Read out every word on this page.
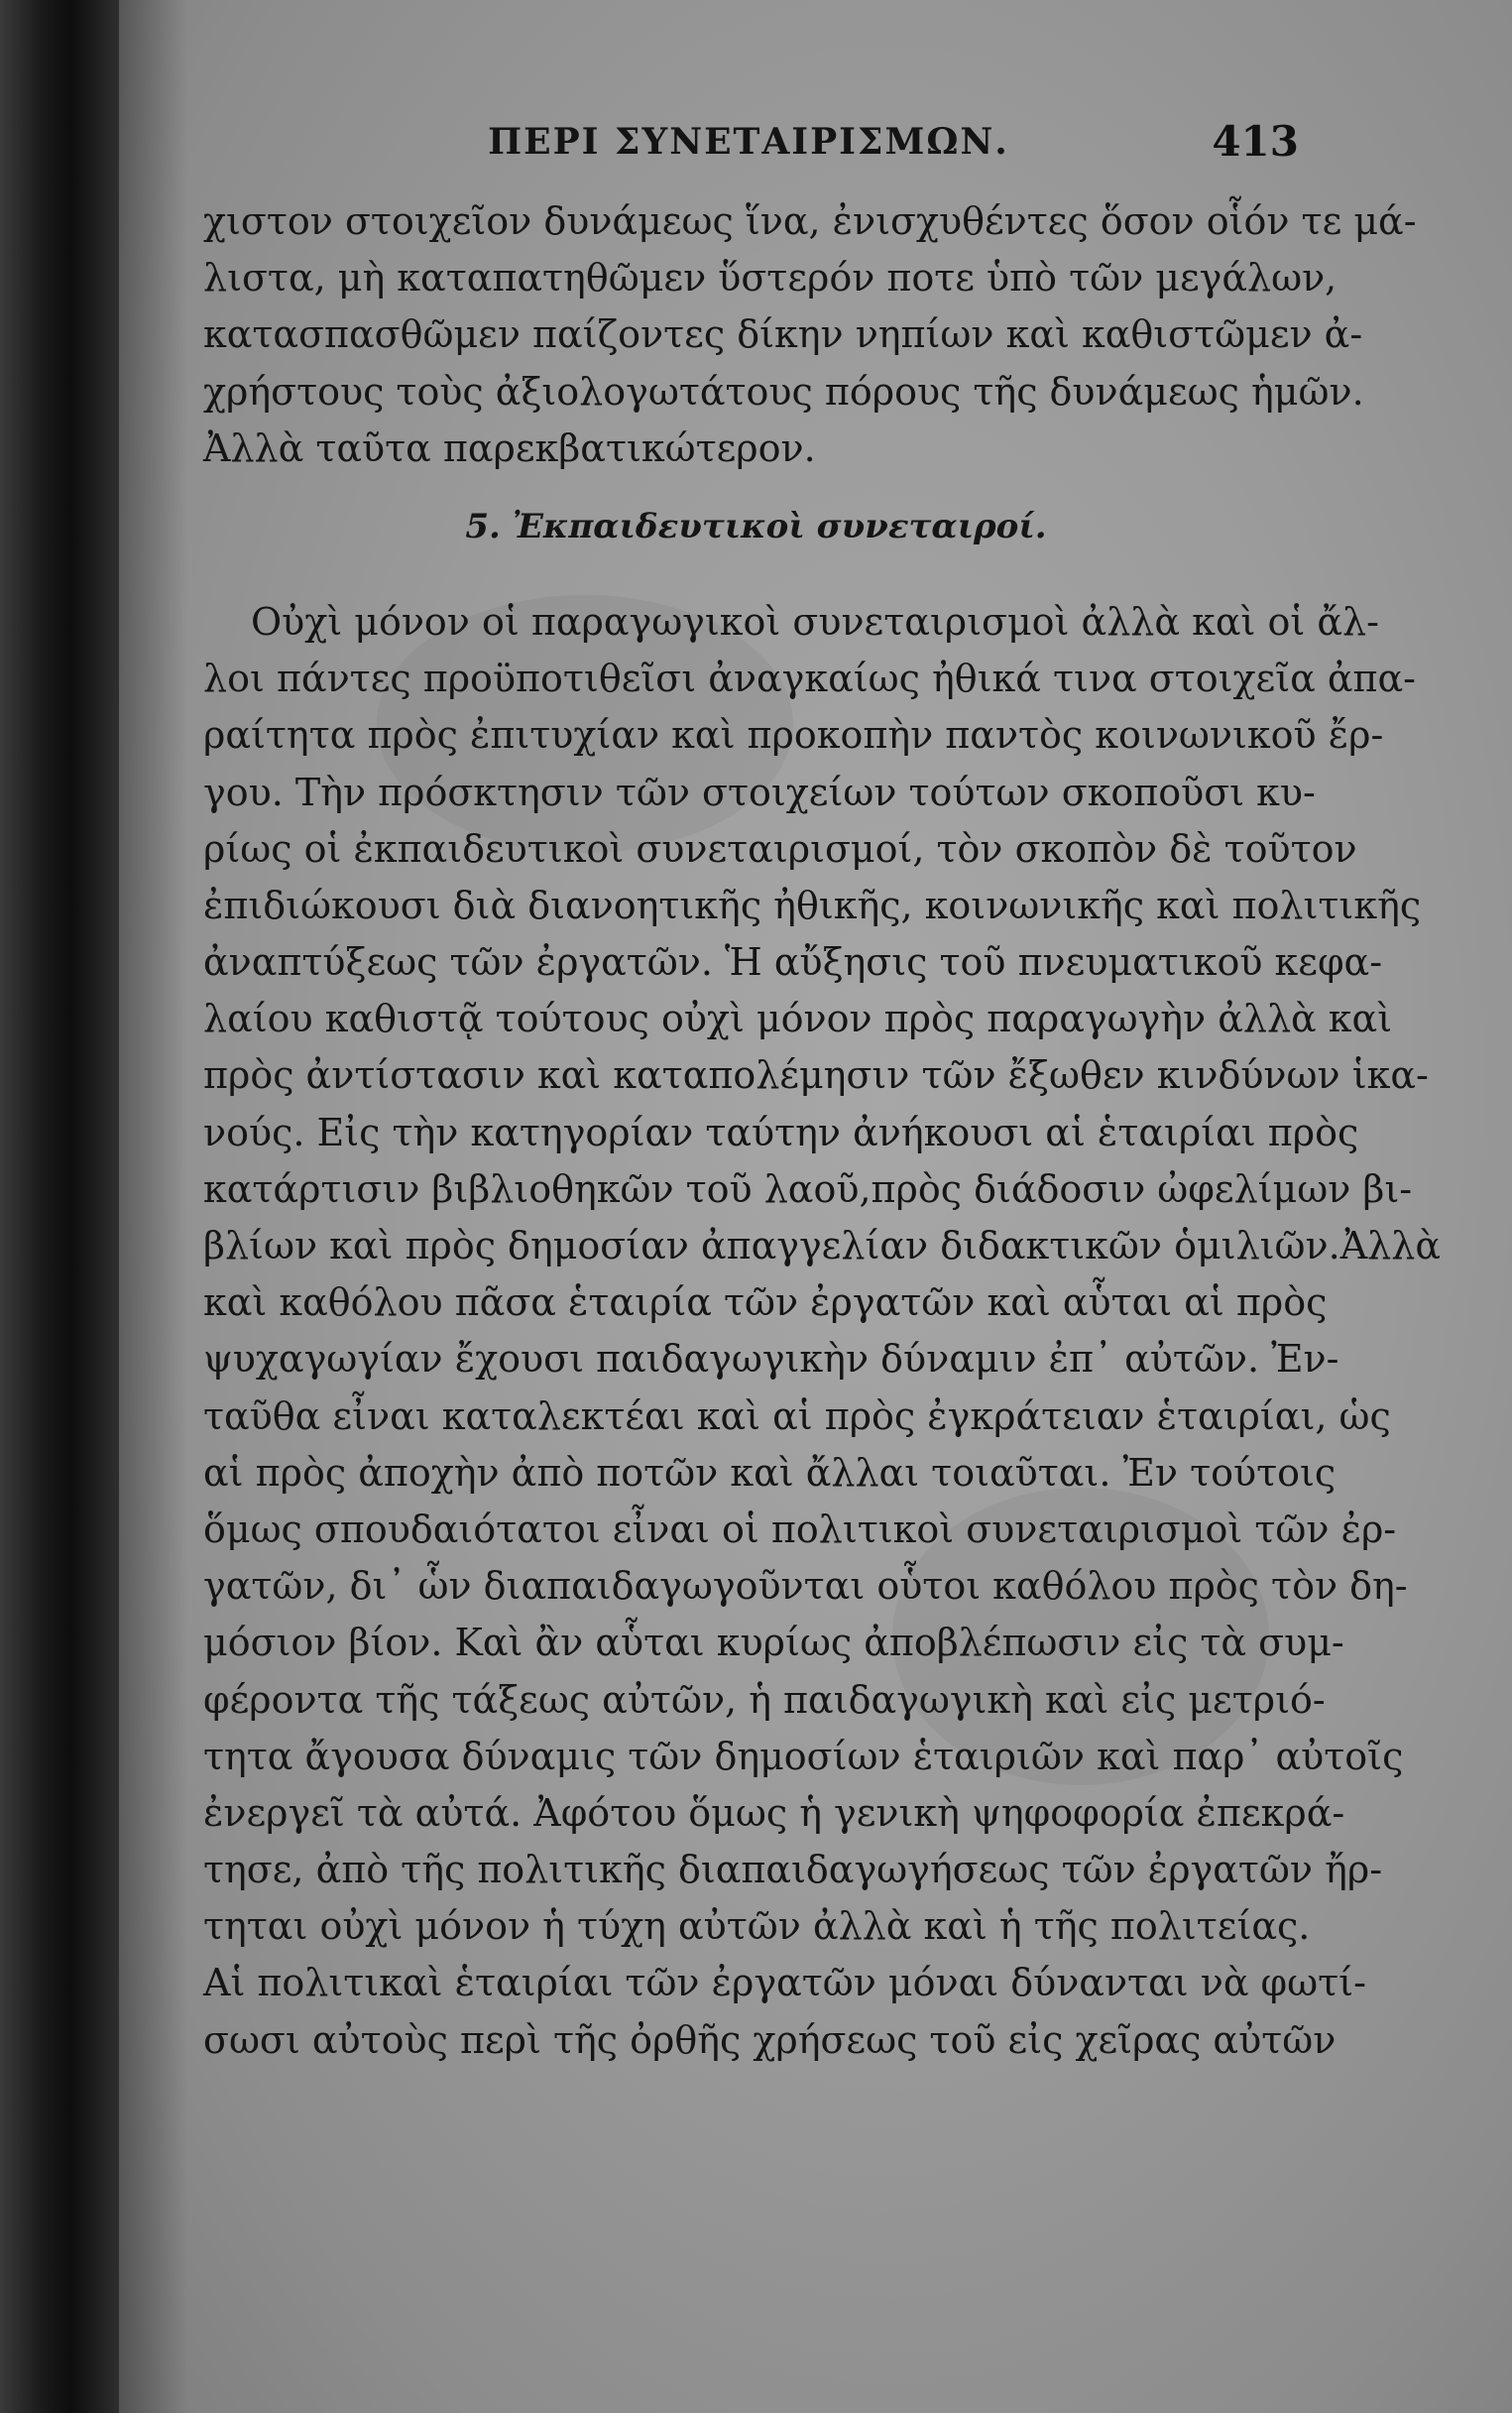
ΠΕΡΙ ΣΥΝΕΤΑΙΡΙΣΜΩΝ.	413
χιστον στοιχεῖον δυνάμεως ἵνα, ἐνισχυθέντες ὅσον οἷόν τε μά-
λιστα, μὴ καταπατηθῶμεν ὕστερόν ποτε ὑπὸ τῶν μεγάλων,
κατασπασθῶμεν παίζοντες δίκην νηπίων καὶ καθιστῶμεν ἀ-
χρήστους τοὺς ἀξιολογωτάτους πόρους τῆς δυνάμεως ἡμῶν.
Ἀλλὰ ταῦτα παρεκβατικώτερον.
5. Ἐκπαιδευτικοὶ συνεταιροί.
Οὐχὶ μόνον οἱ παραγωγικοὶ συνεταιρισμοὶ ἀλλὰ καὶ οἱ ἄλ-
λοι πάντες προϋποτιθεῖσι ἀναγκαίως ἠθικά τινα στοιχεῖα ἀπα-
ραίτητα πρὸς ἐπιτυχίαν καὶ προκοπὴν παντὸς κοινωνικοῦ ἔρ-
γου. Τὴν πρόσκτησιν τῶν στοιχείων τούτων σκοποῦσι κυ-
ρίως οἱ ἐκπαιδευτικοὶ συνεταιρισμοί, τὸν σκοπὸν δὲ τοῦτον
ἐπιδιώκουσι διὰ διανοητικῆς ἠθικῆς, κοινωνικῆς καὶ πολιτικῆς
ἀναπτύξεως τῶν ἐργατῶν. Ἡ αὔξησις τοῦ πνευματικοῦ κεφα-
λαίου καθιστᾷ τούτους οὐχὶ μόνον πρὸς παραγωγὴν ἀλλὰ καὶ
πρὸς ἀντίστασιν καὶ καταπολέμησιν τῶν ἔξωθεν κινδύνων ἱκα-
νούς. Εἰς τὴν κατηγορίαν ταύτην ἀνήκουσι αἱ ἑταιρίαι πρὸς
κατάρτισιν βιβλιοθηκῶν τοῦ λαοῦ,πρὸς διάδοσιν ὠφελίμων βι-
βλίων καὶ πρὸς δημοσίαν ἀπαγγελίαν διδακτικῶν ὁμιλιῶν.Ἀλλὰ
καὶ καθόλου πᾶσα ἑταιρία τῶν ἐργατῶν καὶ αὗται αἱ πρὸς
ψυχαγωγίαν ἔχουσι παιδαγωγικὴν δύναμιν ἐπ᾽ αὐτῶν. Ἐν-
ταῦθα εἶναι καταλεκτέαι καὶ αἱ πρὸς ἐγκράτειαν ἑταιρίαι, ὡς
αἱ πρὸς ἀποχὴν ἀπὸ ποτῶν καὶ ἄλλαι τοιαῦται. Ἐν τούτοις
ὅμως σπουδαιότατοι εἶναι οἱ πολιτικοὶ συνεταιρισμοὶ τῶν ἐρ-
γατῶν, δι᾽ ὧν διαπαιδαγωγοῦνται οὗτοι καθόλου πρὸς τὸν δη-
μόσιον βίον. Καὶ ἂν αὗται κυρίως ἀποβλέπωσιν εἰς τὰ συμ-
φέροντα τῆς τάξεως αὐτῶν, ἡ παιδαγωγικὴ καὶ εἰς μετριό-
τητα ἄγουσα δύναμις τῶν δημοσίων ἑταιριῶν καὶ παρ᾽ αὐτοῖς
ἐνεργεῖ τὰ αὐτά. Ἀφότου ὅμως ἡ γενικὴ ψηφοφορία ἐπεκρά-
τησε, ἀπὸ τῆς πολιτικῆς διαπαιδαγωγήσεως τῶν ἐργατῶν ἤρ-
τηται οὐχὶ μόνον ἡ τύχη αὐτῶν ἀλλὰ καὶ ἡ τῆς πολιτείας.
Αἱ πολιτικαὶ ἑταιρίαι τῶν ἐργατῶν μόναι δύνανται νὰ φωτί-
σωσι αὐτοὺς περὶ τῆς ὀρθῆς χρήσεως τοῦ εἰς χεῖρας αὐτῶν
